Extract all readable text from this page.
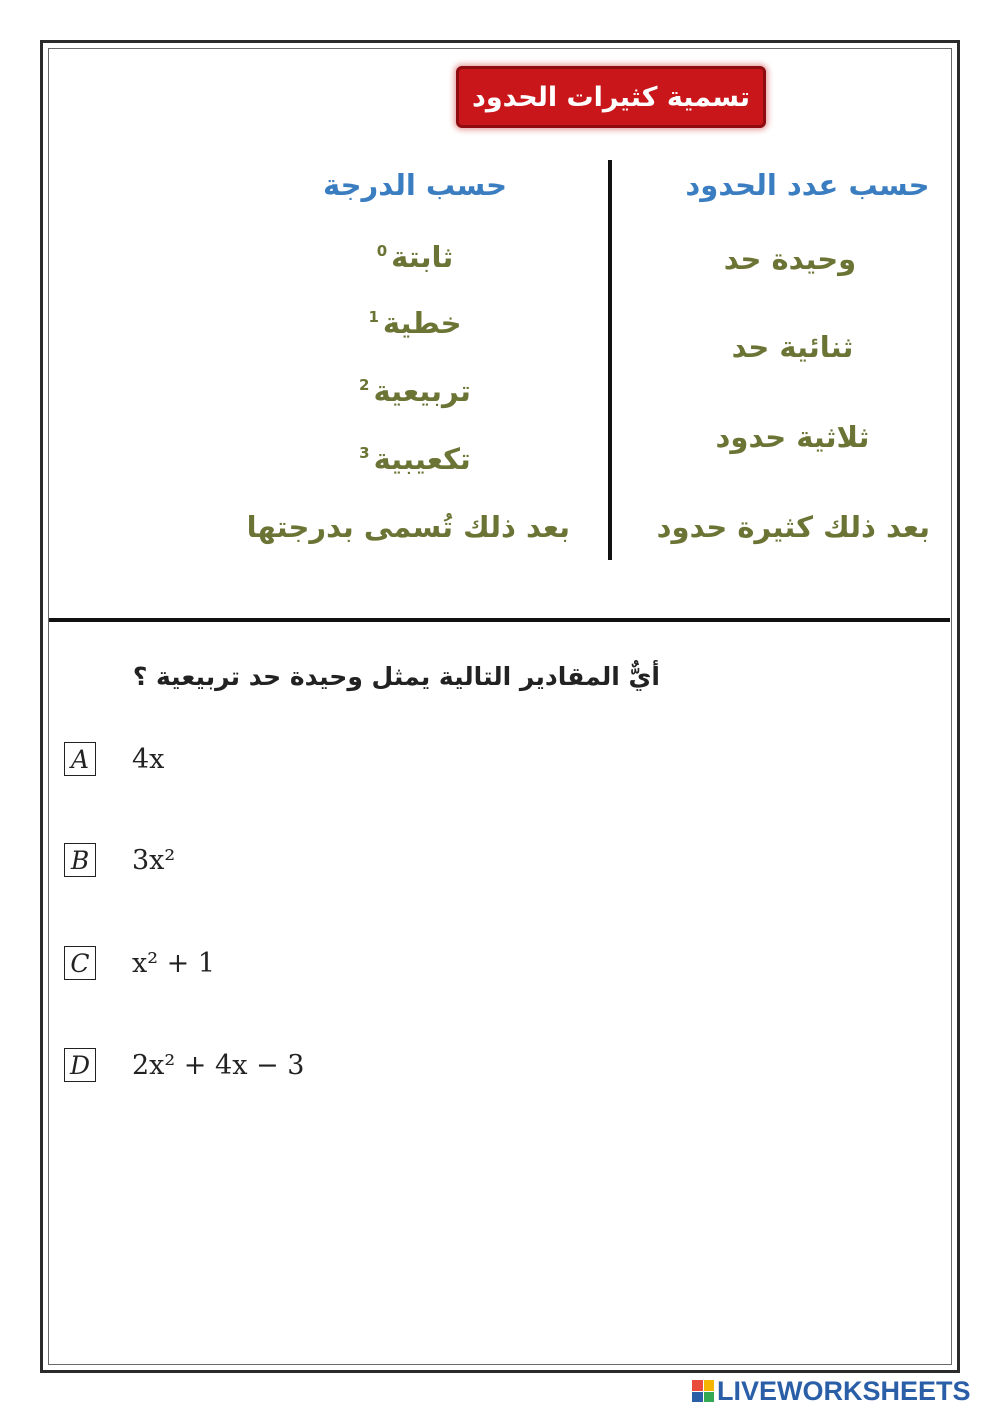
تسمية كثيرات الحدود
حسب عدد الحدود
وحيدة حد
ثنائية حد
ثلاثية حدود
بعد ذلك كثيرة حدود
حسب الدرجة
ثابتة$^0$
خطية$^1$
تربيعية$^2$
تكعيبية$^3$
بعد ذلك تُسمى بدرجتها
أيٌّ المقادير التالية يمثل وحيدة حد تربيعية ؟
A 4x
B 3x²
C x² + 1
D 2x² + 4x − 3
LIVEWORKSHEETS
